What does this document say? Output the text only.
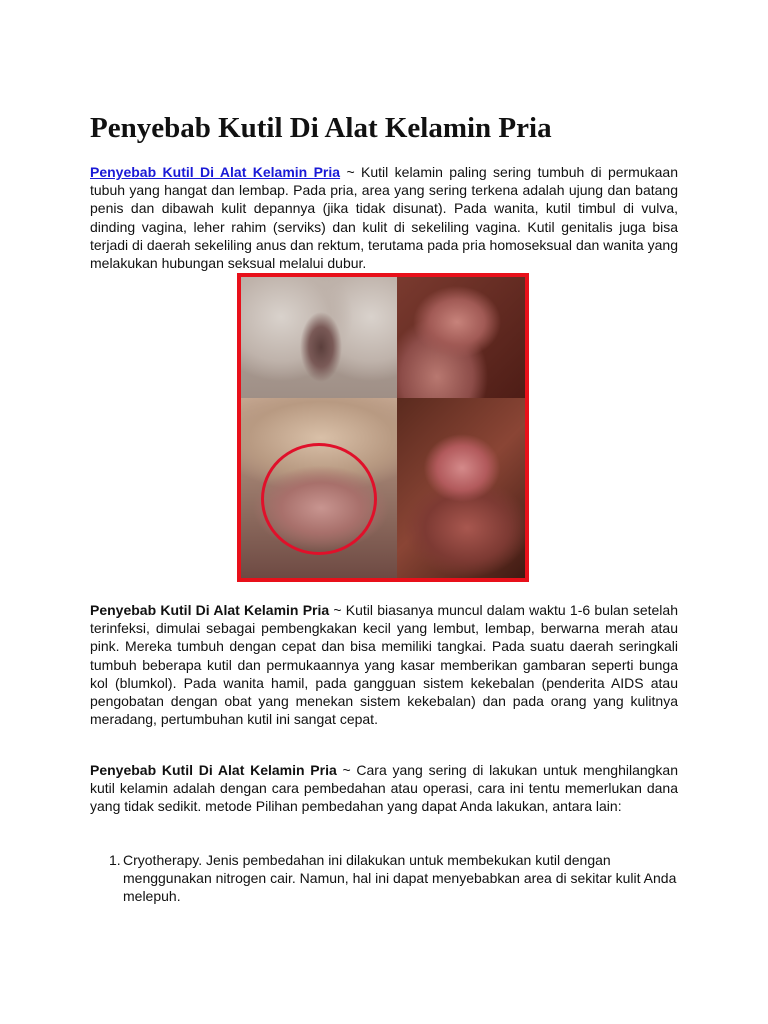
Penyebab Kutil Di Alat Kelamin Pria

Penyebab Kutil Di Alat Kelamin Pria ~ Kutil kelamin paling sering tumbuh di permukaan tubuh yang hangat dan lembap. Pada pria, area yang sering terkena adalah ujung dan batang penis dan dibawah kulit depannya (jika tidak disunat). Pada wanita, kutil timbul di vulva, dinding vagina, leher rahim (serviks) dan kulit di sekeliling vagina. Kutil genitalis juga bisa terjadi di daerah sekeliling anus dan rektum, terutama pada pria homoseksual dan wanita yang melakukan hubungan seksual melalui dubur.

Penyebab Kutil Di Alat Kelamin Pria ~ Kutil biasanya muncul dalam waktu 1-6 bulan setelah terinfeksi, dimulai sebagai pembengkakan kecil yang lembut, lembap, berwarna merah atau pink. Mereka tumbuh dengan cepat dan bisa memiliki tangkai. Pada suatu daerah seringkali tumbuh beberapa kutil dan permukaannya yang kasar memberikan gambaran seperti bunga kol (blumkol). Pada wanita hamil, pada gangguan sistem kekebalan (penderita AIDS atau pengobatan dengan obat yang menekan sistem kekebalan) dan pada orang yang kulitnya meradang, pertumbuhan kutil ini sangat cepat.

Penyebab Kutil Di Alat Kelamin Pria ~ Cara yang sering di lakukan untuk menghilangkan kutil kelamin adalah dengan cara pembedahan atau operasi, cara ini tentu memerlukan dana yang tidak sedikit. metode Pilihan pembedahan yang dapat Anda lakukan, antara lain:

1. Cryotherapy. Jenis pembedahan ini dilakukan untuk membekukan kutil dengan menggunakan nitrogen cair. Namun, hal ini dapat menyebabkan area di sekitar kulit Anda melepuh.
